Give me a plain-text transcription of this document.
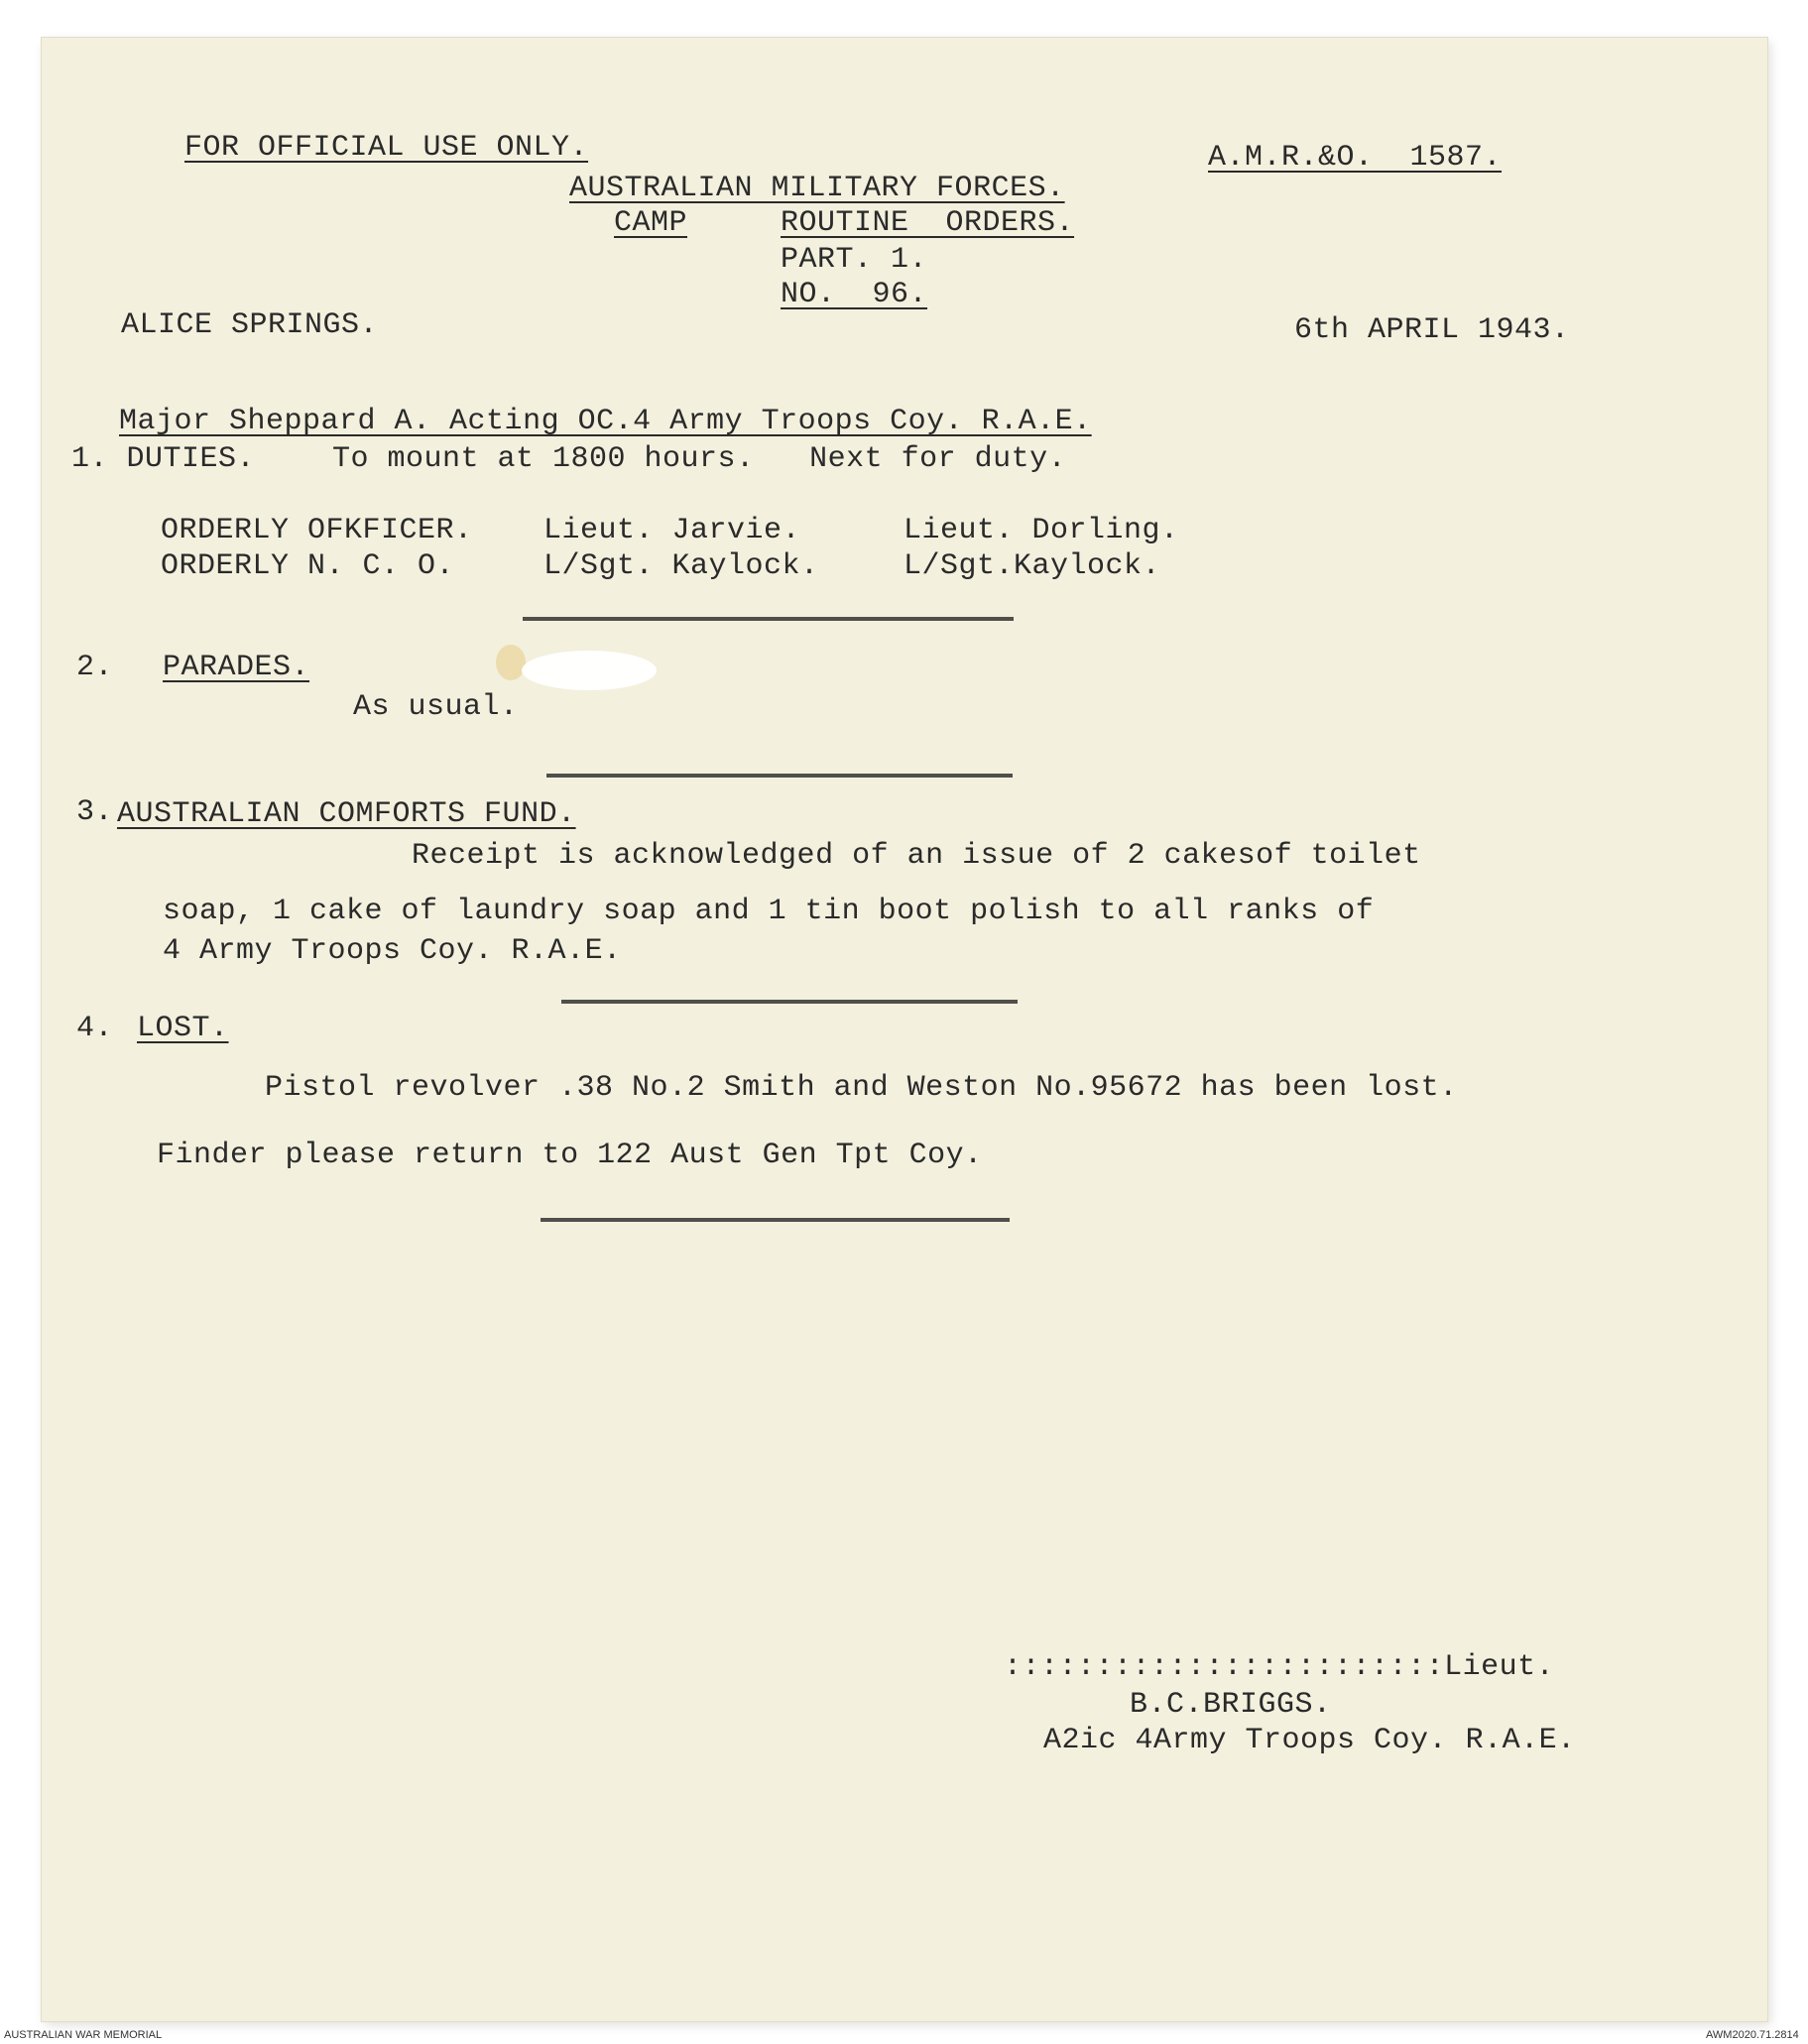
FOR OFFICIAL USE ONLY.	A.M.R.&O.  1587.
AUSTRALIAN MILITARY FORCES.
CAMP	ROUTINE  ORDERS.
PART. 1.
NO.  96.
ALICE SPRINGS.	6th APRIL 1943.
Major Sheppard A. Acting OC.4 Army Troops Coy. R.A.E.
1. DUTIES.	To mount at 1800 hours.   Next for duty.
ORDERLY OFKFICER. Lieut. Jarvie.	Lieut. Dorling.
ORDERLY N. C. O.	L/Sgt. Kaylock.	L/Sgt.Kaylock.
2. PARADES.
As usual.
3. AUSTRALIAN COMFORTS FUND.
Receipt is acknowledged of an issue of 2 cakesof toilet
soap, 1 cake of laundry soap and 1 tin boot polish to all ranks of
4 Army Troops Coy. R.A.E.
4. LOST.
Pistol revolver .38 No.2 Smith and Weston No.95672 has been lost.
Finder please return to 122 Aust Gen Tpt Coy.
::::::::::::::::::::::::Lieut.
B.C.BRIGGS.
A2ic 4Army Troops Coy. R.A.E.
AUSTRALIAN WAR MEMORIAL	AWM2020.71.2814
